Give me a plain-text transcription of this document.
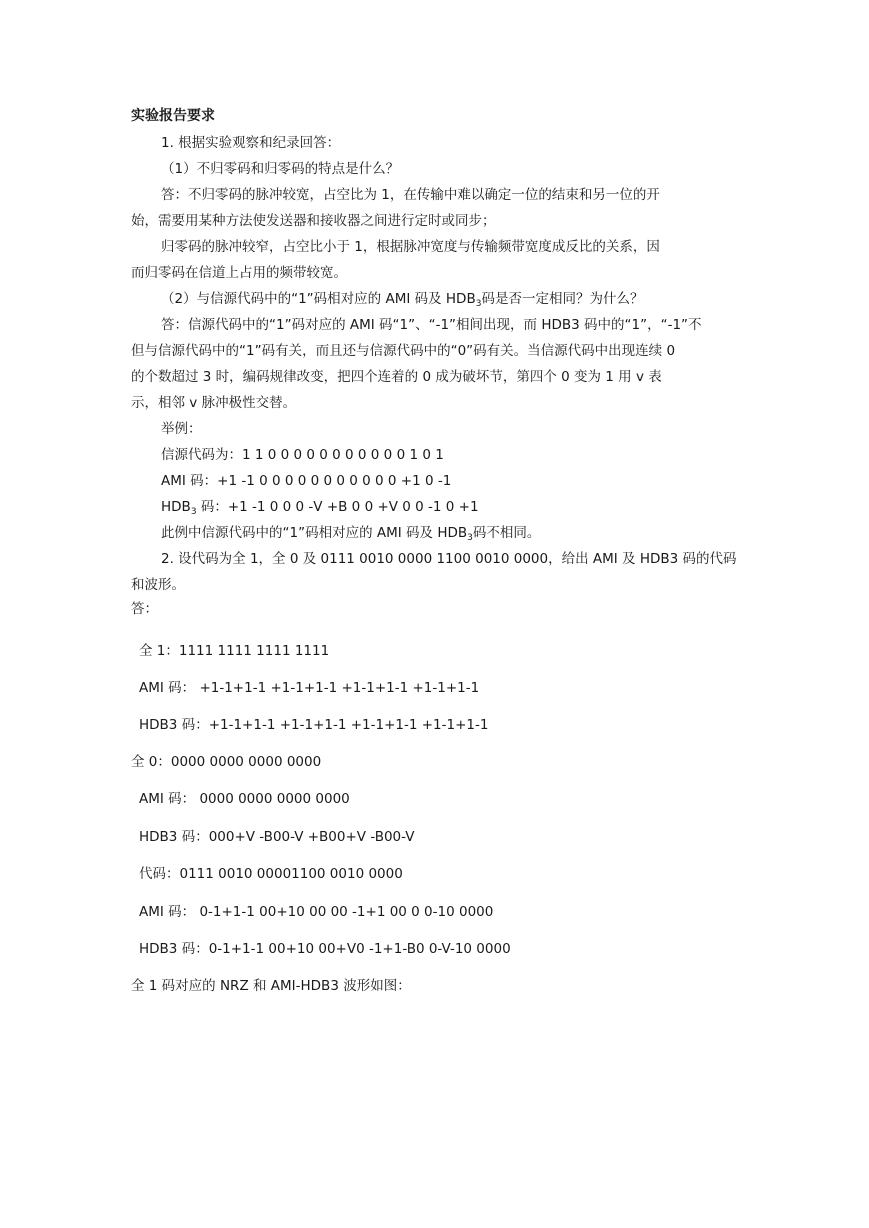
实验报告要求
1. 根据实验观察和纪录回答：
（1）不归零码和归零码的特点是什么？
答：不归零码的脉冲较宽，占空比为 1，在传输中难以确定一位的结束和另一位的开
始，需要用某种方法使发送器和接收器之间进行定时或同步；
归零码的脉冲较窄，占空比小于 1，根据脉冲宽度与传输频带宽度成反比的关系，因
而归零码在信道上占用的频带较宽。
（2）与信源代码中的“1”码相对应的 AMI 码及 $HDB_3$码是否一定相同？为什么？
答：信源代码中的“1”码对应的 AMI 码“1”、“-1”相间出现，而 HDB3 码中的“1”，“-1”不
但与信源代码中的“1”码有关，而且还与信源代码中的“0”码有关。当信源代码中出现连续 0
的个数超过 3 时，编码规律改变，把四个连着的 0 成为破坏节，第四个 0 变为 1 用 v 表
示，相邻 v 脉冲极性交替。
举例：
信源代码为：1 1 0 0 0 0 0 0 0 0 0 0 0 1 0 1
AMI 码：+1 -1 0 0 0 0 0 0 0 0 0 0 0 +1 0 -1
$HDB_3$ 码：+1 -1 0 0 0 -V +B 0 0 +V 0 0 -1 0 +1
此例中信源代码中的“1”码相对应的 AMI 码及 $HDB_3$码不相同。
2. 设代码为全 1，全 0 及 0111 0010 0000 1100 0010 0000，给出 AMI 及 HDB3 码的代码
和波形。
答：
全 1：1111 1111 1111 1111
AMI 码： +1-1+1-1 +1-1+1-1 +1-1+1-1 +1-1+1-1
HDB3 码：+1-1+1-1 +1-1+1-1 +1-1+1-1 +1-1+1-1
全 0：0000 0000 0000 0000
AMI 码： 0000 0000 0000 0000
HDB3 码：000+V -B00-V +B00+V -B00-V
代码：0111 0010 00001100 0010 0000
AMI 码： 0-1+1-1 00+10 00 00 -1+1 00 0 0-10 0000
HDB3 码：0-1+1-1 00+10 00+V0 -1+1-B0 0-V-10 0000
全 1 码对应的 NRZ 和 AMI-HDB3 波形如图：
